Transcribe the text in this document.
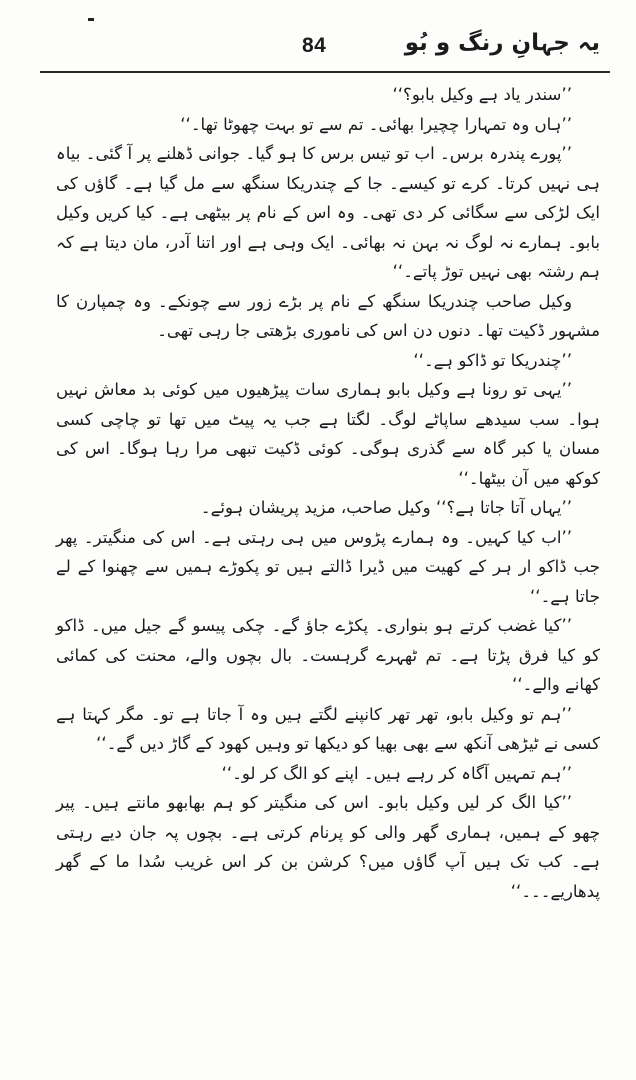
84	یہ جہانِ رنگ و بُو

’’سندر یاد ہے وکیل بابو؟‘‘

’’ہاں وہ تمہارا چچیرا بھائی۔ تم سے تو بہت چھوٹا تھا۔‘‘

’’پورے پندرہ برس۔ اب تو تیس برس کا ہو گیا۔ جوانی ڈھلنے پر آ گئی۔ بیاہ ہی نہیں کرتا۔ کرے تو کیسے۔ جا کے چندریکا سنگھ سے مل گیا ہے۔ گاؤں کی ایک لڑکی سے سگائی کر دی تھی۔ وہ اس کے نام پر بیٹھی ہے۔ کیا کریں وکیل بابو۔ ہمارے نہ لوگ نہ بہن نہ بھائی۔ ایک وہی ہے اور اتنا آدر، مان دیتا ہے کہ ہم رشتہ بھی نہیں توڑ پاتے۔‘‘

وکیل صاحب چندریکا سنگھ کے نام پر بڑے زور سے چونکے۔ وہ چمپارن کا مشہور ڈکیت تھا۔ دنوں دن اس کی ناموری بڑھتی جا رہی تھی۔

’’چندریکا تو ڈاکو ہے۔‘‘

’’یہی تو رونا ہے وکیل بابو ہماری سات پیڑھیوں میں کوئی بد معاش نہیں ہوا۔ سب سیدھے ساپاٹے لوگ۔ لگتا ہے جب یہ پیٹ میں تھا تو چاچی کسی مسان یا کبر گاہ سے گذری ہوگی۔ کوئی ڈکیت تبھی مرا رہا ہوگا۔ اس کی کوکھ میں آن بیٹھا۔‘‘

’’یہاں آتا جاتا ہے؟‘‘ وکیل صاحب، مزید پریشان ہوئے۔

’’اب کیا کہیں۔ وہ ہمارے پڑوس میں ہی رہتی ہے۔ اس کی منگیتر۔ پھر جب ڈاکو ار ہر کے کھیت میں ڈیرا ڈالتے ہیں تو پکوڑے ہمیں سے چھنوا کے لے جاتا ہے۔‘‘

’’کیا غضب کرتے ہو بنواری۔ پکڑے جاؤ گے۔ چکی پیسو گے جیل میں۔ ڈاکو کو کیا فرق پڑتا ہے۔ تم ٹھہرے گرہست۔ بال بچوں والے، محنت کی کمائی کھانے والے۔‘‘

’’ہم تو وکیل بابو، تھر تھر کانپنے لگتے ہیں وہ آ جاتا ہے تو۔ مگر کہتا ہے کسی نے ٹیڑھی آنکھ سے بھی بھیا کو دیکھا تو وہیں کھود کے گاڑ دیں گے۔‘‘

’’ہم تمہیں آگاہ کر رہے ہیں۔ اپنے کو الگ کر لو۔‘‘

’’کیا الگ کر لیں وکیل بابو۔ اس کی منگیتر کو ہم بھابھو مانتے ہیں۔ پیر چھو کے ہمیں، ہماری گھر والی کو پرنام کرتی ہے۔ بچوں پہ جان دیے رہتی ہے۔ کب تک ہیں آپ گاؤں میں؟ کرشن بن کر اس غریب سُدا ما کے گھر پدھاریے۔۔۔‘‘
